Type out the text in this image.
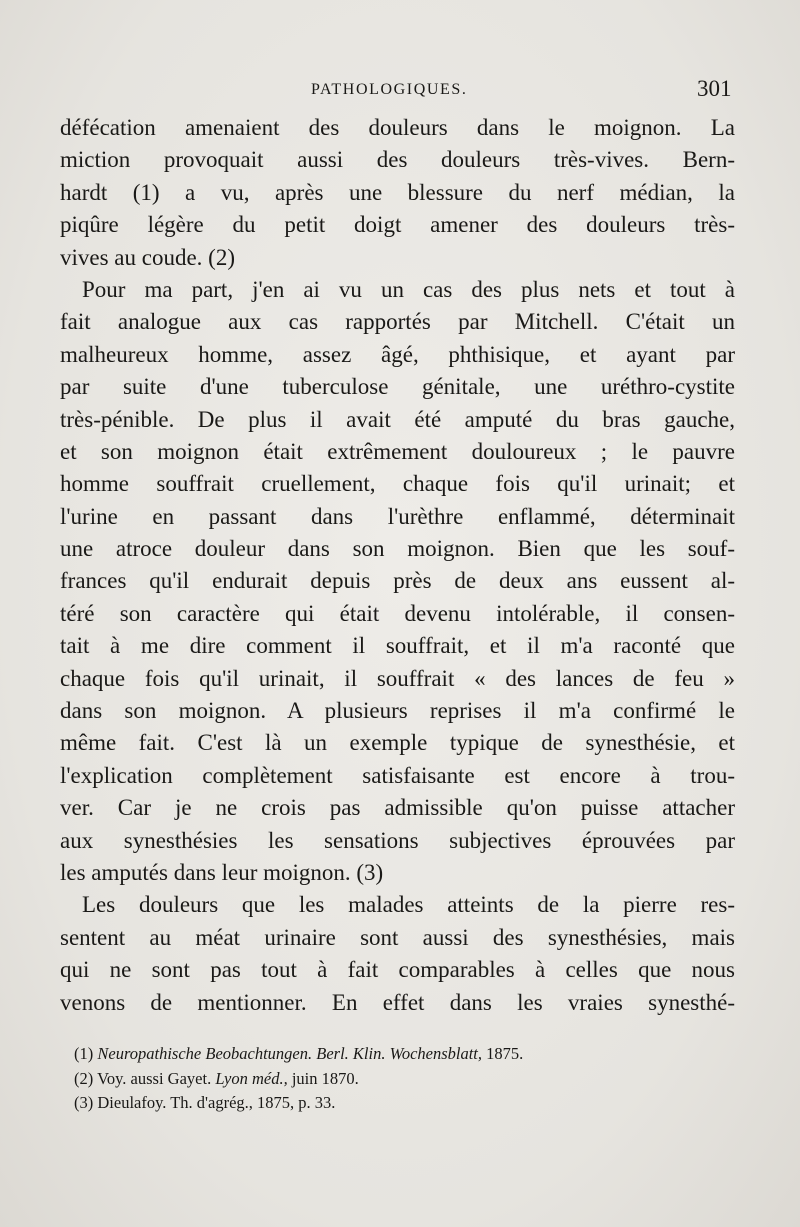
PATHOLOGIQUES.	301
défécation amenaient des douleurs dans le moignon. La
miction provoquait aussi des douleurs très-vives. Bern-
hardt (1) a vu, après une blessure du nerf médian, la
piqûre légère du petit doigt amener des douleurs très-
vives au coude. (2)
Pour ma part, j'en ai vu un cas des plus nets et tout à
fait analogue aux cas rapportés par Mitchell. C'était un
malheureux homme, assez âgé, phthisique, et ayant par
par suite d'une tuberculose génitale, une uréthro-cystite
très-pénible. De plus il avait été amputé du bras gauche,
et son moignon était extrêmement douloureux ; le pauvre
homme souffrait cruellement, chaque fois qu'il urinait; et
l'urine en passant dans l'urèthre enflammé, déterminait
une atroce douleur dans son moignon. Bien que les souf-
frances qu'il endurait depuis près de deux ans eussent al-
téré son caractère qui était devenu intolérable, il consen-
tait à me dire comment il souffrait, et il m'a raconté que
chaque fois qu'il urinait, il souffrait « des lances de feu »
dans son moignon. A plusieurs reprises il m'a confirmé le
même fait. C'est là un exemple typique de synesthésie, et
l'explication complètement satisfaisante est encore à trou-
ver. Car je ne crois pas admissible qu'on puisse attacher
aux synesthésies les sensations subjectives éprouvées par
les amputés dans leur moignon. (3)
Les douleurs que les malades atteints de la pierre res-
sentent au méat urinaire sont aussi des synesthésies, mais
qui ne sont pas tout à fait comparables à celles que nous
venons de mentionner. En effet dans les vraies synesthé-
(1) Neuropathische Beobachtungen. Berl. Klin. Wochensblatt, 1875.
(2) Voy. aussi Gayet. Lyon méd., juin 1870.
(3) Dieulafoy. Th. d'agrég., 1875, p. 33.
